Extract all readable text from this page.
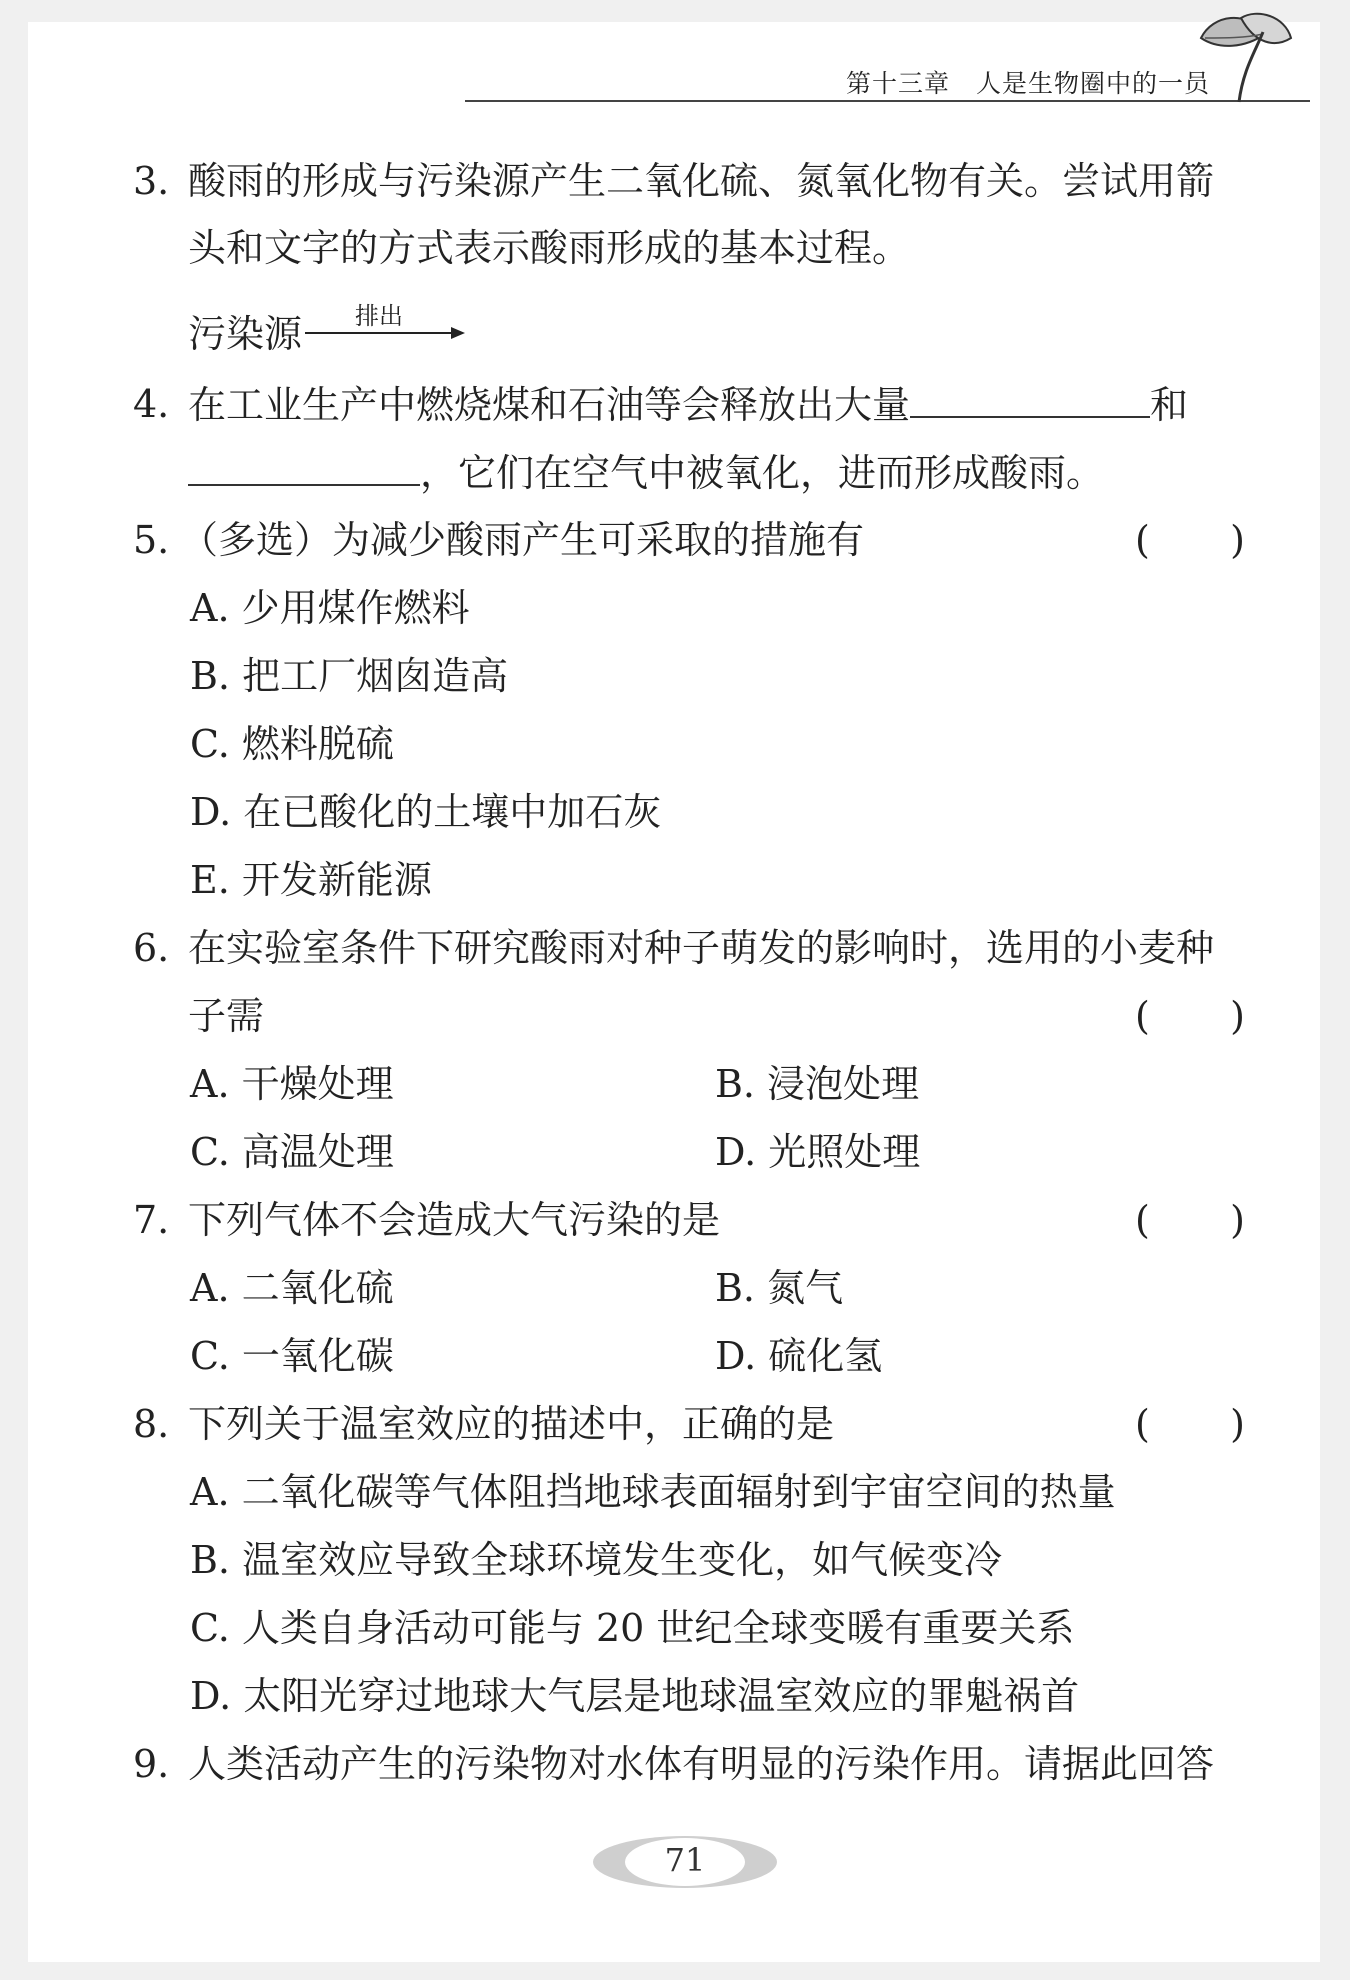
第十三章　人是生物圈中的一员
3. 酸雨的形成与污染源产生二氧化硫、氮氧化物有关。尝试用箭
头和文字的方式表示酸雨形成的基本过程。
污染源 排出
4. 在工业生产中燃烧煤和石油等会释放出大量	和
，它们在空气中被氧化，进而形成酸雨。
5. （多选）为减少酸雨产生可采取的措施有	( )
A. 少用煤作燃料
B. 把工厂烟囱造高
C. 燃料脱硫
D. 在已酸化的土壤中加石灰
E. 开发新能源
6. 在实验室条件下研究酸雨对种子萌发的影响时，选用的小麦种
子需	( )
A. 干燥处理	B. 浸泡处理
C. 高温处理	D. 光照处理
7. 下列气体不会造成大气污染的是	( )
A. 二氧化硫	B. 氮气
C. 一氧化碳	D. 硫化氢
8. 下列关于温室效应的描述中，正确的是	( )
A. 二氧化碳等气体阻挡地球表面辐射到宇宙空间的热量
B. 温室效应导致全球环境发生变化，如气候变冷
C. 人类自身活动可能与 20 世纪全球变暖有重要关系
D. 太阳光穿过地球大气层是地球温室效应的罪魁祸首
9. 人类活动产生的污染物对水体有明显的污染作用。请据此回答
71
